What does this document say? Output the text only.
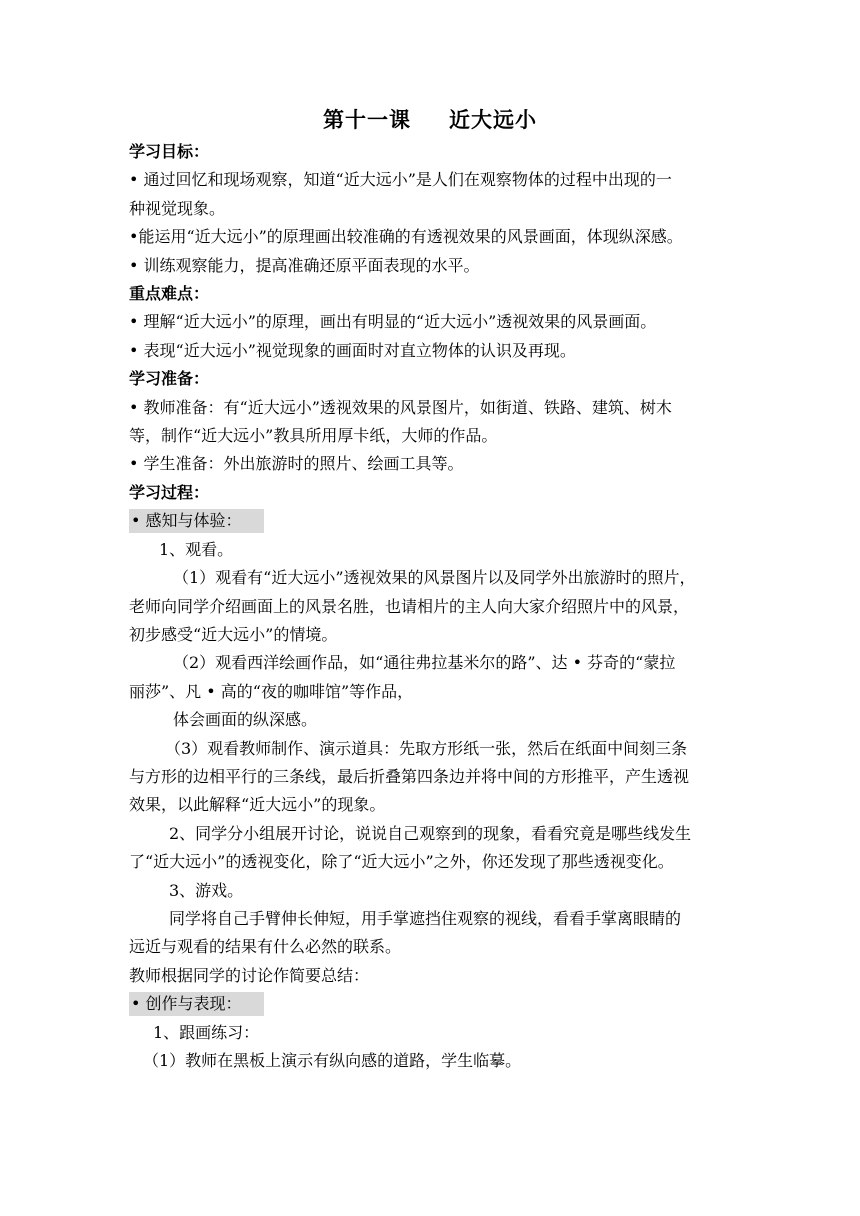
第十一课 近大远小
学习目标：
• 通过回忆和现场观察，知道“近大远小”是人们在观察物体的过程中出现的一
种视觉现象。
•能运用“近大远小”的原理画出较准确的有透视效果的风景画面，体现纵深感。
• 训练观察能力，提高准确还原平面表现的水平。
重点难点：
• 理解“近大远小”的原理，画出有明显的“近大远小”透视效果的风景画面。
• 表现“近大远小”视觉现象的画面时对直立物体的认识及再现。
学习准备：
• 教师准备：有“近大远小”透视效果的风景图片，如街道、铁路、建筑、树木
等，制作“近大远小”教具所用厚卡纸，大师的作品。
• 学生准备：外出旅游时的照片、绘画工具等。
学习过程：
• 感知与体验：
1、观看。
（1）观看有“近大远小”透视效果的风景图片以及同学外出旅游时的照片，
老师向同学介绍画面上的风景名胜，也请相片的主人向大家介绍照片中的风景，
初步感受“近大远小”的情境。
（2）观看西洋绘画作品，如“通往弗拉基米尔的路”、达 • 芬奇的“蒙拉
丽莎”、凡 • 高的“夜的咖啡馆”等作品，
体会画面的纵深感。
（3）观看教师制作、演示道具：先取方形纸一张，然后在纸面中间刻三条
与方形的边相平行的三条线，最后折叠第四条边并将中间的方形推平，产生透视
效果，以此解释“近大远小”的现象。
2、同学分小组展开讨论，说说自己观察到的现象，看看究竟是哪些线发生
了“近大远小”的透视变化，除了“近大远小”之外，你还发现了那些透视变化。
3、游戏。
同学将自己手臂伸长伸短，用手掌遮挡住观察的视线，看看手掌离眼睛的
远近与观看的结果有什么必然的联系。
教师根据同学的讨论作简要总结：
• 创作与表现：
1、跟画练习：
（1）教师在黑板上演示有纵向感的道路，学生临摹。
